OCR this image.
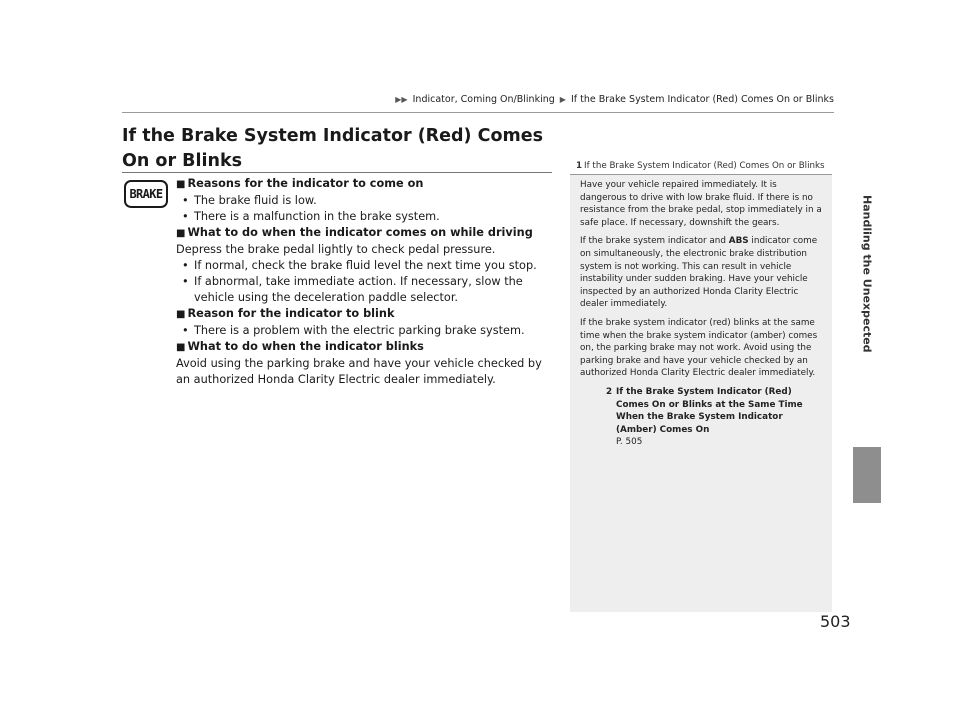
▶▶ Indicator, Coming On/Blinking ▶ If the Brake System Indicator (Red) Comes On or Blinks
If the Brake System Indicator (Red) Comes On or Blinks
BRAKE
■ Reasons for the indicator to come on
• The brake fluid is low.
• There is a malfunction in the brake system.
■ What to do when the indicator comes on while driving
Depress the brake pedal lightly to check pedal pressure.
• If normal, check the brake fluid level the next time you stop.
• If abnormal, take immediate action. If necessary, slow the vehicle using the deceleration paddle selector.
■ Reason for the indicator to blink
• There is a problem with the electric parking brake system.
■ What to do when the indicator blinks
Avoid using the parking brake and have your vehicle checked by an authorized Honda Clarity Electric dealer immediately.
1 If the Brake System Indicator (Red) Comes On or Blinks

Have your vehicle repaired immediately. It is dangerous to drive with low brake fluid. If there is no resistance from the brake pedal, stop immediately in a safe place. If necessary, downshift the gears.

If the brake system indicator and ABS indicator come on simultaneously, the electronic brake distribution system is not working. This can result in vehicle instability under sudden braking. Have your vehicle inspected by an authorized Honda Clarity Electric dealer immediately.

If the brake system indicator (red) blinks at the same time when the brake system indicator (amber) comes on, the parking brake may not work. Avoid using the parking brake and have your vehicle checked by an authorized Honda Clarity Electric dealer immediately.

2 If the Brake System Indicator (Red) Comes On or Blinks at the Same Time When the Brake System Indicator (Amber) Comes On
P. 505
Handling the Unexpected
503
